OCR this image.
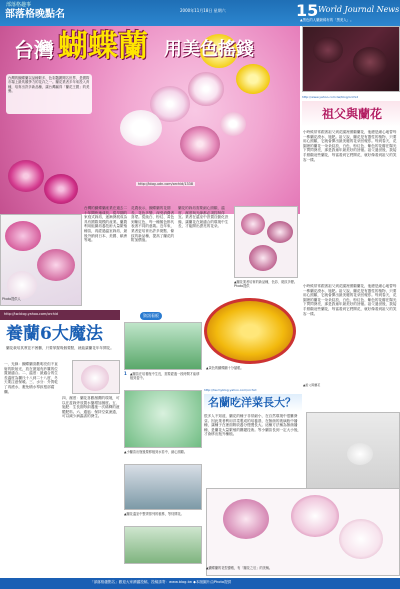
部落格趣事
部落格晚點名	2000年11月18日 星期六	15 World Journal News
▲黑色的人蘭最稀有的「黑美人」。
台灣 蝴蝶蘭 用美色搖錢
台灣的蝴蝶蘭以品種繁多、色彩豔麗聞名世界，是國際市場上最具競爭力的花卉之一。蘭花業者多年來投入育種，培育出許多新品種，讓台灣贏得「蘭花王國」的美譽。
http://blog.udn.com/orchid/1338
http://www.yahoo.com.tw/blog/orchid
祖父與蘭花
小時候常常跟著祖父到花園裡照顧蘭花，他總是細心地替每一株蘭花澆水、施肥。祖父說，蘭花是有靈性的植物，只要用心照顧，它就會開出最美麗的花朵回報你。每到春天，花園裡的蘭花一朵朵綻放，白色、粉紅色、紫色的花瓣在陽光下閃閃發亮，那是我童年最美好的回憶。祖父過世後，我接手照顧這些蘭花，每當看到它們開花，就好像看到祖父的笑容一樣。
小時候常常跟著祖父到花園裡照顧蘭花，他總是細心地替每一株蘭花澆水、施肥。祖父說，蘭花是有靈性的植物，只要用心照顧，它就會開出最美麗的花朵回報你。每到春天，花園裡的蘭花一朵朵綻放，白色、粉紅色、紫色的花瓣在陽光下閃閃發亮，那是我童年最美好的回憶。祖父過世後，我接手照顧這些蘭花，每當看到它們開花，就好像看到祖父的笑容一樣。
▲祖父與蘭花
Photo提供人
台灣的蝴蝶蘭產業在過去二十年間快速成長，從早期的家庭式栽培，逐漸發展成為具有國際規模的產業。蘭農利用組織培養技術大量繁殖種苗，再經過溫室栽培，最後外銷到日本、美國、歐洲等地。
花農表示，蝴蝶蘭的花期長、花色多變，深受消費者喜愛。從純白、粉紅、黃色到紫紅色，每一種顏色都代表著不同的意義。近年來，業者更培育出許多斑點、條紋的新品種，提高了蘭花的附加價值。
蘭花的栽培需要細心照顧，溫度、濕度與光線都必須控制得宜。業者在溫室中設置自動化設備，讓蘭花在最適合的環境中生長，才能開出漂亮的花朵。
▲蘭花業者培育的新品種，色彩、斑紋多變。 Photo提供
http://tw.blog.yahoo.com/orchid	資訊看板
養蘭6大魔法
蘭花栽培其實並不困難，只要掌握幾個要點，就能讓蘭花年年開花。
一、光線：蝴蝶蘭喜歡明亮但不直射的散射光，放在窗邊有紗簾的位置最適合。二、溫度：最適合的生長溫度為攝氏十八到二十八度，冬天要注意保暖。三、水分：介質乾了再澆水，避免積水導致根部腐爛。
四、濕度：蘭花喜歡濕潤的環境，可以在盆栽旁放置水盤增加濕度。五、施肥：生長期每兩週施一次稀釋的液體肥料。六、通風：保持空氣流通，可以減少病蟲害的發生。
1 ▲蘭苗在培養瓶中生長，需要經過一段時間才能移植到盆中。
▲小蘭苗出瓶後要移植到水苔中，細心照顧。
▲蘭花溫室中整齊排列的植株，等待開花。
▲黃色的蝴蝶蘭十分搶眼。
http://tw.myblog.yahoo.com/orchid
名蘭吃洋菜長大？
很多人不知道，蘭花的種子非常細小，在自然環境中很難發芽。因此業者利用洋菜製成的培養基，在無菌的玻璃瓶中播種，讓種子在裡面吸收養分慢慢長大。這種方法稱為無菌播種，是蘭花大量繁殖的關鍵技術。等小蘭苗長到一定大小後，才會移出瓶外種植。
▲蝴蝶蘭的花型優雅，有「蘭花之后」的美稱。
「部落格趣點名」歡迎大家踴躍投稿，投稿請寄：www.blog.tw ◆本版圖片由Photo提供
